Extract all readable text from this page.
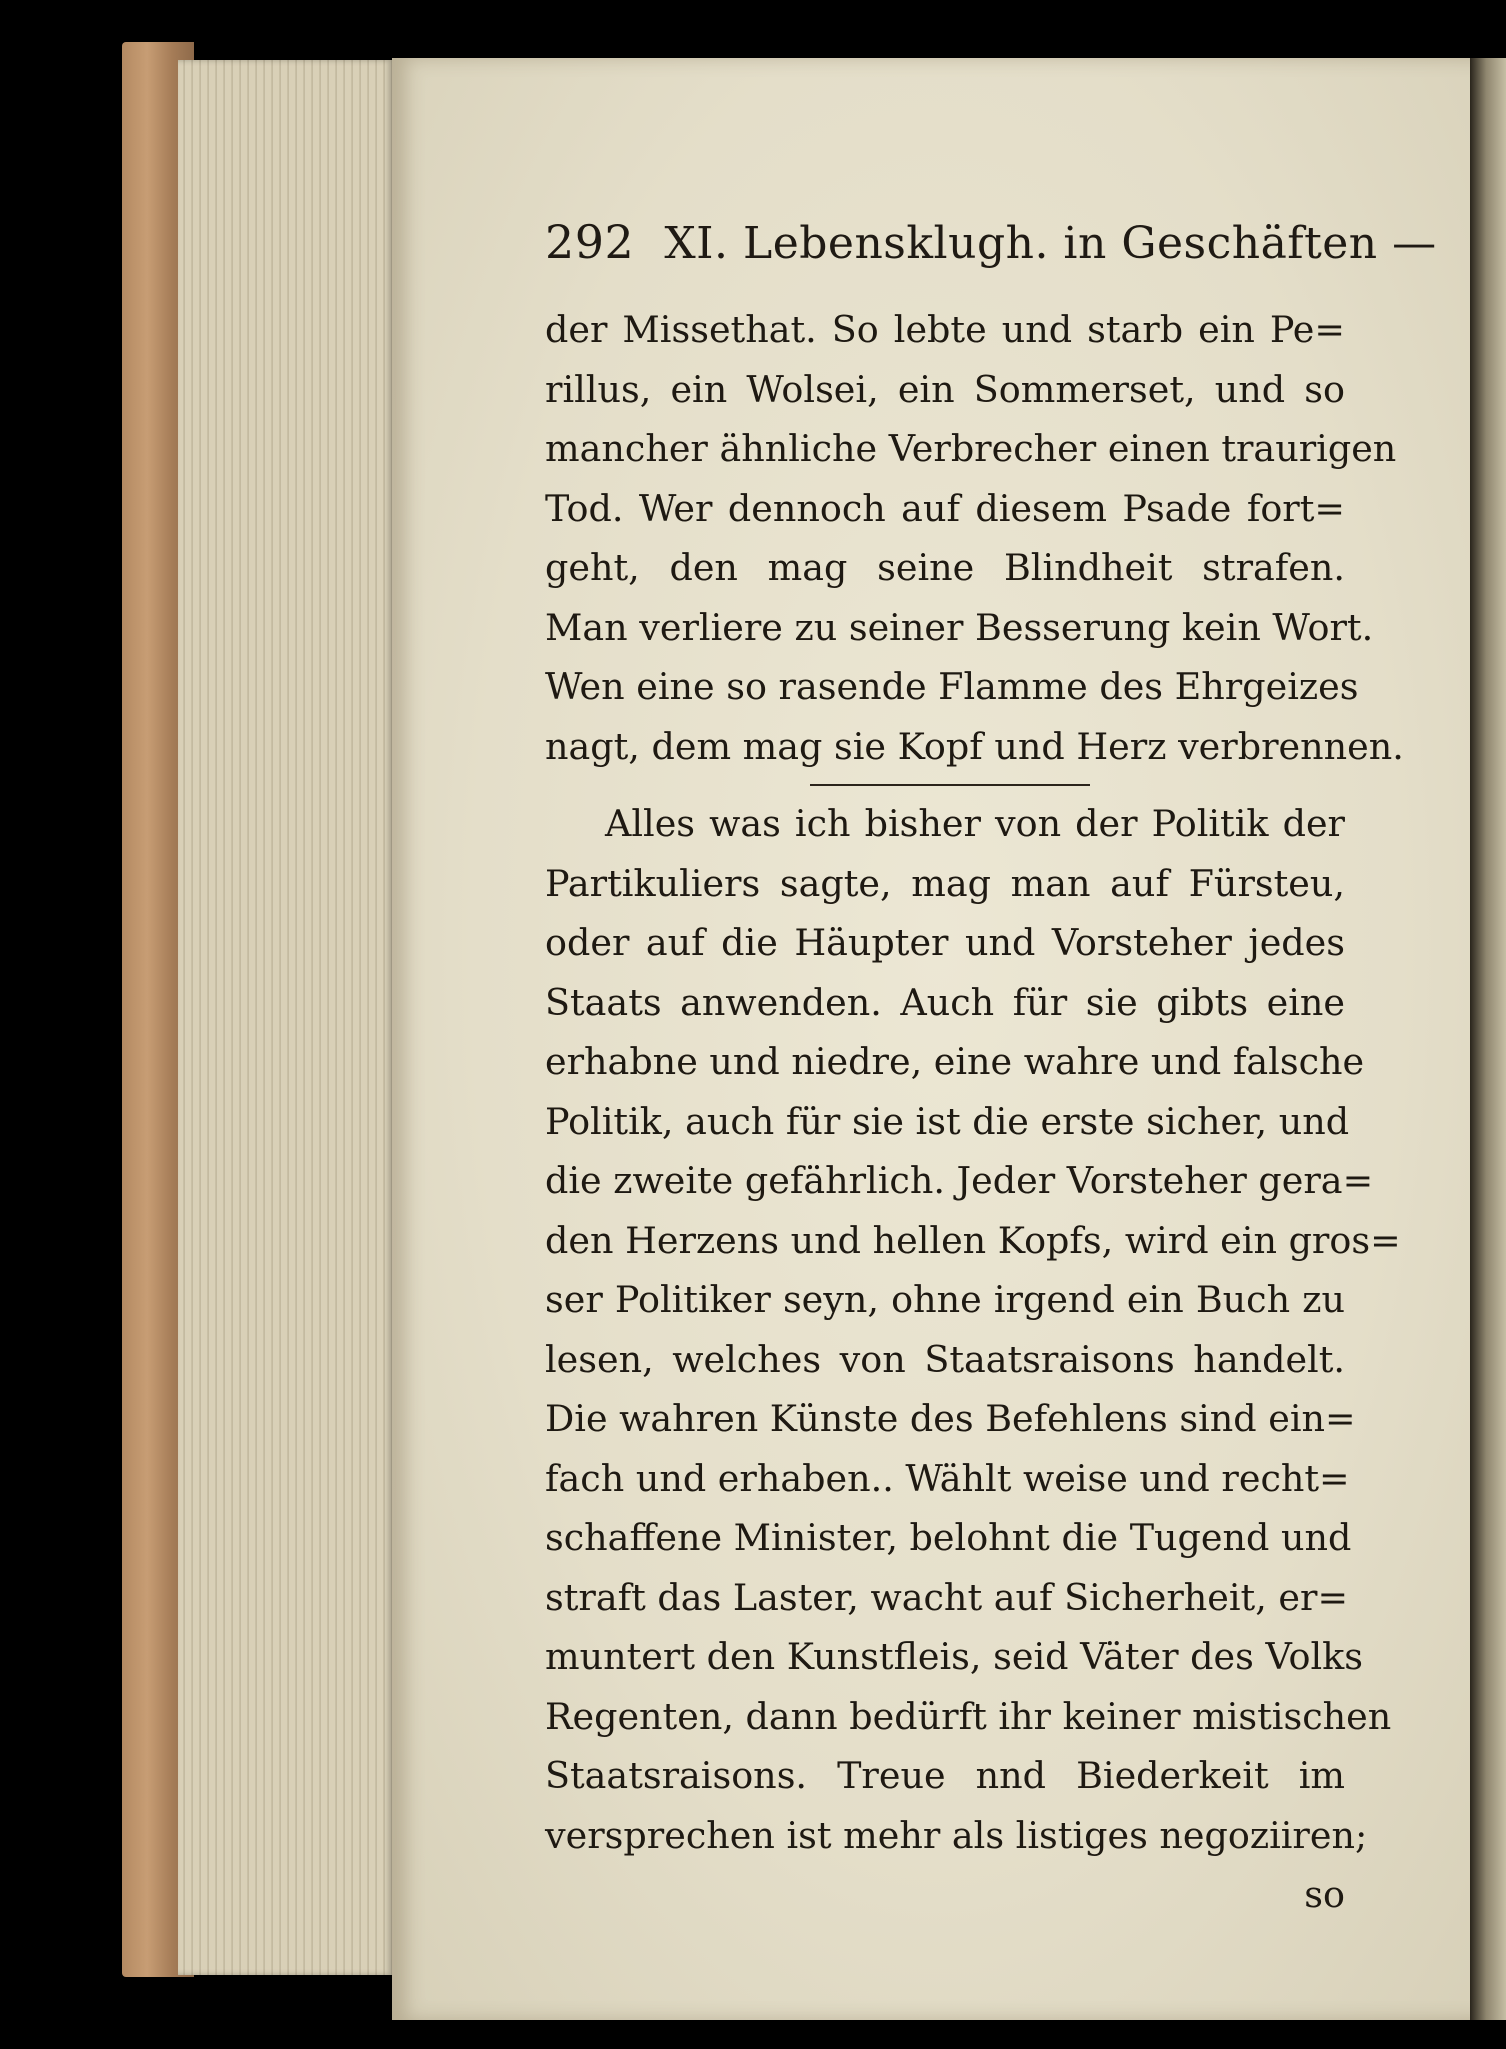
292 XI. Lebensklugh. in Geschäften —
der Missethat. So lebte und starb ein Pe=
rillus, ein Wolsei, ein Sommerset, und so
mancher ähnliche Verbrecher einen traurigen
Tod. Wer dennoch auf diesem Psade fort=
geht, den mag seine Blindheit strafen.
Man verliere zu seiner Besserung kein Wort.
Wen eine so rasende Flamme des Ehrgeizes
nagt, dem mag sie Kopf und Herz verbrennen.
Alles was ich bisher von der Politik der
Partikuliers sagte, mag man auf Fürsteu,
oder auf die Häupter und Vorsteher jedes
Staats anwenden. Auch für sie gibts eine
erhabne und niedre, eine wahre und falsche
Politik, auch für sie ist die erste sicher, und
die zweite gefährlich. Jeder Vorsteher gera=
den Herzens und hellen Kopfs, wird ein gros=
ser Politiker seyn, ohne irgend ein Buch zu
lesen, welches von Staatsraisons handelt.
Die wahren Künste des Befehlens sind ein=
fach und erhaben.. Wählt weise und recht=
schaffene Minister, belohnt die Tugend und
straft das Laster, wacht auf Sicherheit, er=
muntert den Kunstfleis, seid Väter des Volks
Regenten, dann bedürft ihr keiner mistischen
Staatsraisons. Treue nnd Biederkeit im
versprechen ist mehr als listiges negoziiren;
so
